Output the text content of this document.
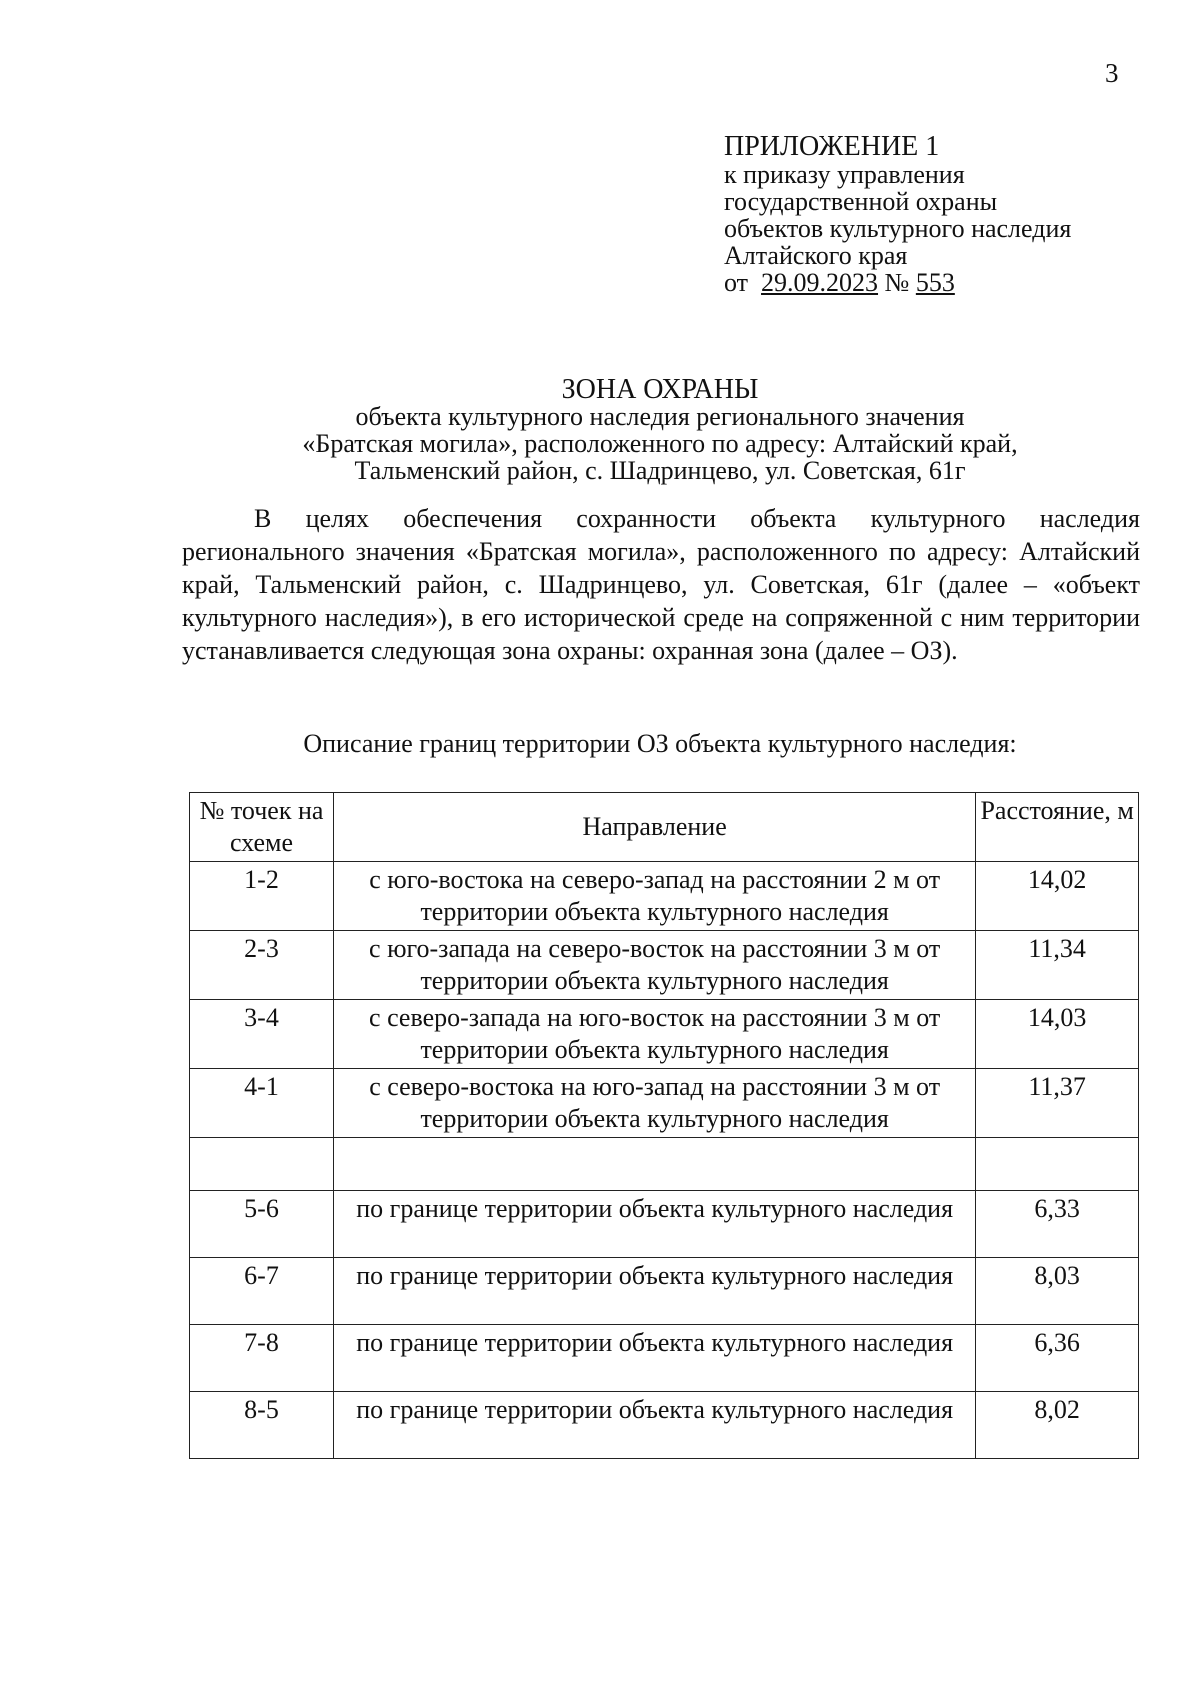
3
ПРИЛОЖЕНИЕ 1
к приказу управления
государственной охраны
объектов культурного наследия
Алтайского края
от 29.09.2023 № 553
ЗОНА ОХРАНЫ
объекта культурного наследия регионального значения
«Братская могила», расположенного по адресу: Алтайский край,
Тальменский район, с. Шадринцево, ул. Советская, 61г
В целях обеспечения сохранности объекта культурного наследия регионального значения «Братская могила», расположенного по адресу: Алтайский край, Тальменский район, с. Шадринцево, ул. Советская, 61г (далее – «объект культурного наследия»), в его исторической среде на сопряженной с ним территории устанавливается следующая зона охраны: охранная зона (далее – ОЗ).
Описание границ территории ОЗ объекта культурного наследия:
№ точек на схеме	Направление	Расстояние, м
1-2	с юго-востока на северо-запад на расстоянии 2 м от территории объекта культурного наследия	14,02
2-3	с юго-запада на северо-восток на расстоянии 3 м от территории объекта культурного наследия	11,34
3-4	с северо-запада на юго-восток на расстоянии 3 м от территории объекта культурного наследия	14,03
4-1	с северо-востока на юго-запад на расстоянии 3 м от территории объекта культурного наследия	11,37

5-6	по границе территории объекта культурного наследия	6,33
6-7	по границе территории объекта культурного наследия	8,03
7-8	по границе территории объекта культурного наследия	6,36
8-5	по границе территории объекта культурного наследия	8,02
